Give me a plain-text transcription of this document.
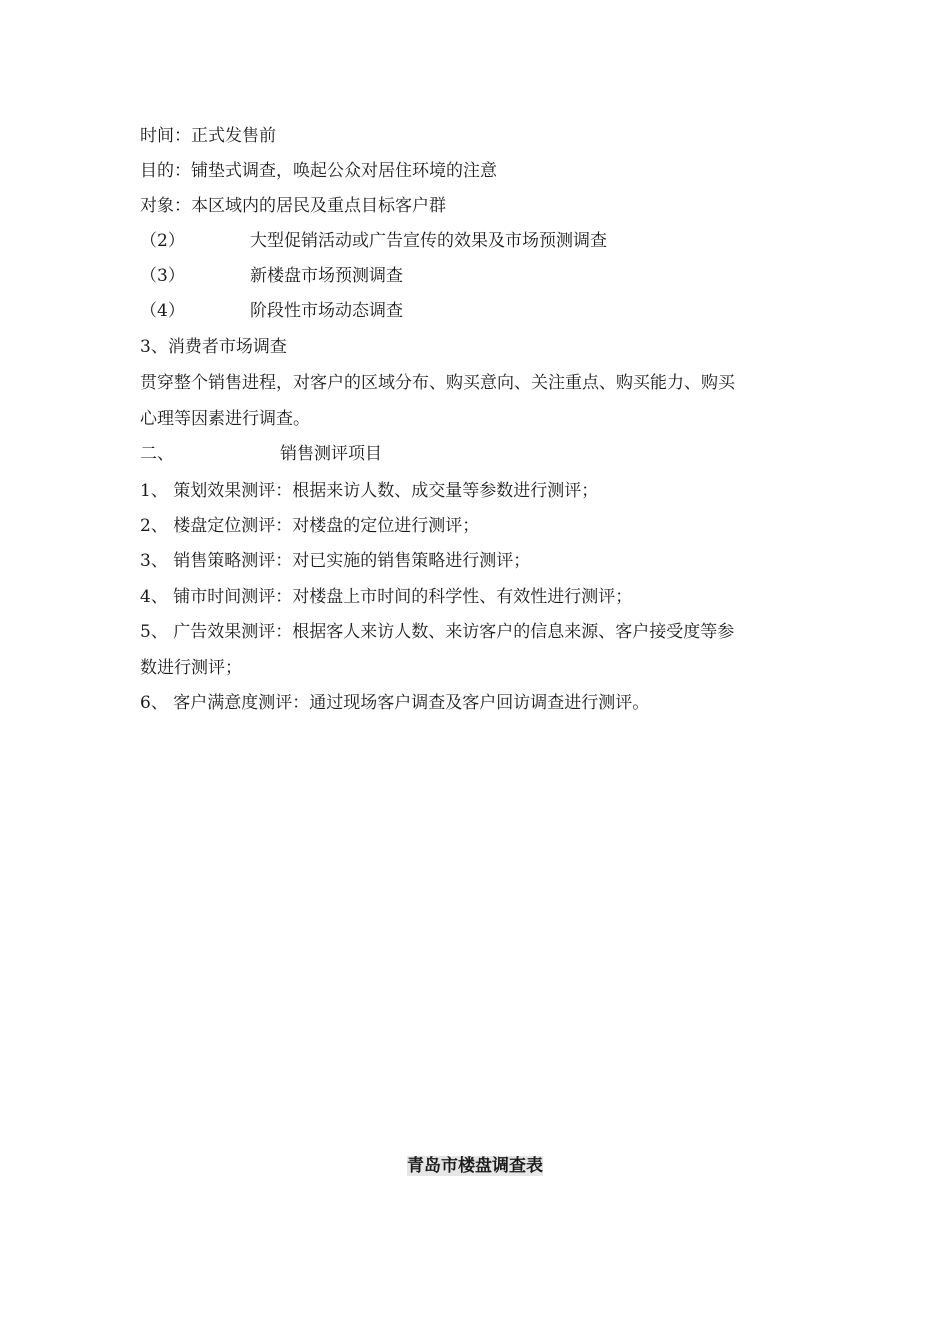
时间：正式发售前
目的：铺垫式调查，唤起公众对居住环境的注意
对象：本区域内的居民及重点目标客户群
（2）	大型促销活动或广告宣传的效果及市场预测调查
（3）	新楼盘市场预测调查
（4）	阶段性市场动态调查
3、消费者市场调查
贯穿整个销售进程，对客户的区域分布、购买意向、关注重点、购买能力、购买
心理等因素进行调查。
二、	销售测评项目
1、 策划效果测评：根据来访人数、成交量等参数进行测评；
2、 楼盘定位测评：对楼盘的定位进行测评；
3、 销售策略测评：对已实施的销售策略进行测评；
4、 铺市时间测评：对楼盘上市时间的科学性、有效性进行测评；
5、 广告效果测评：根据客人来访人数、来访客户的信息来源、客户接受度等参
数进行测评；
6、 客户满意度测评：通过现场客户调查及客户回访调查进行测评。
青岛市楼盘调查表
